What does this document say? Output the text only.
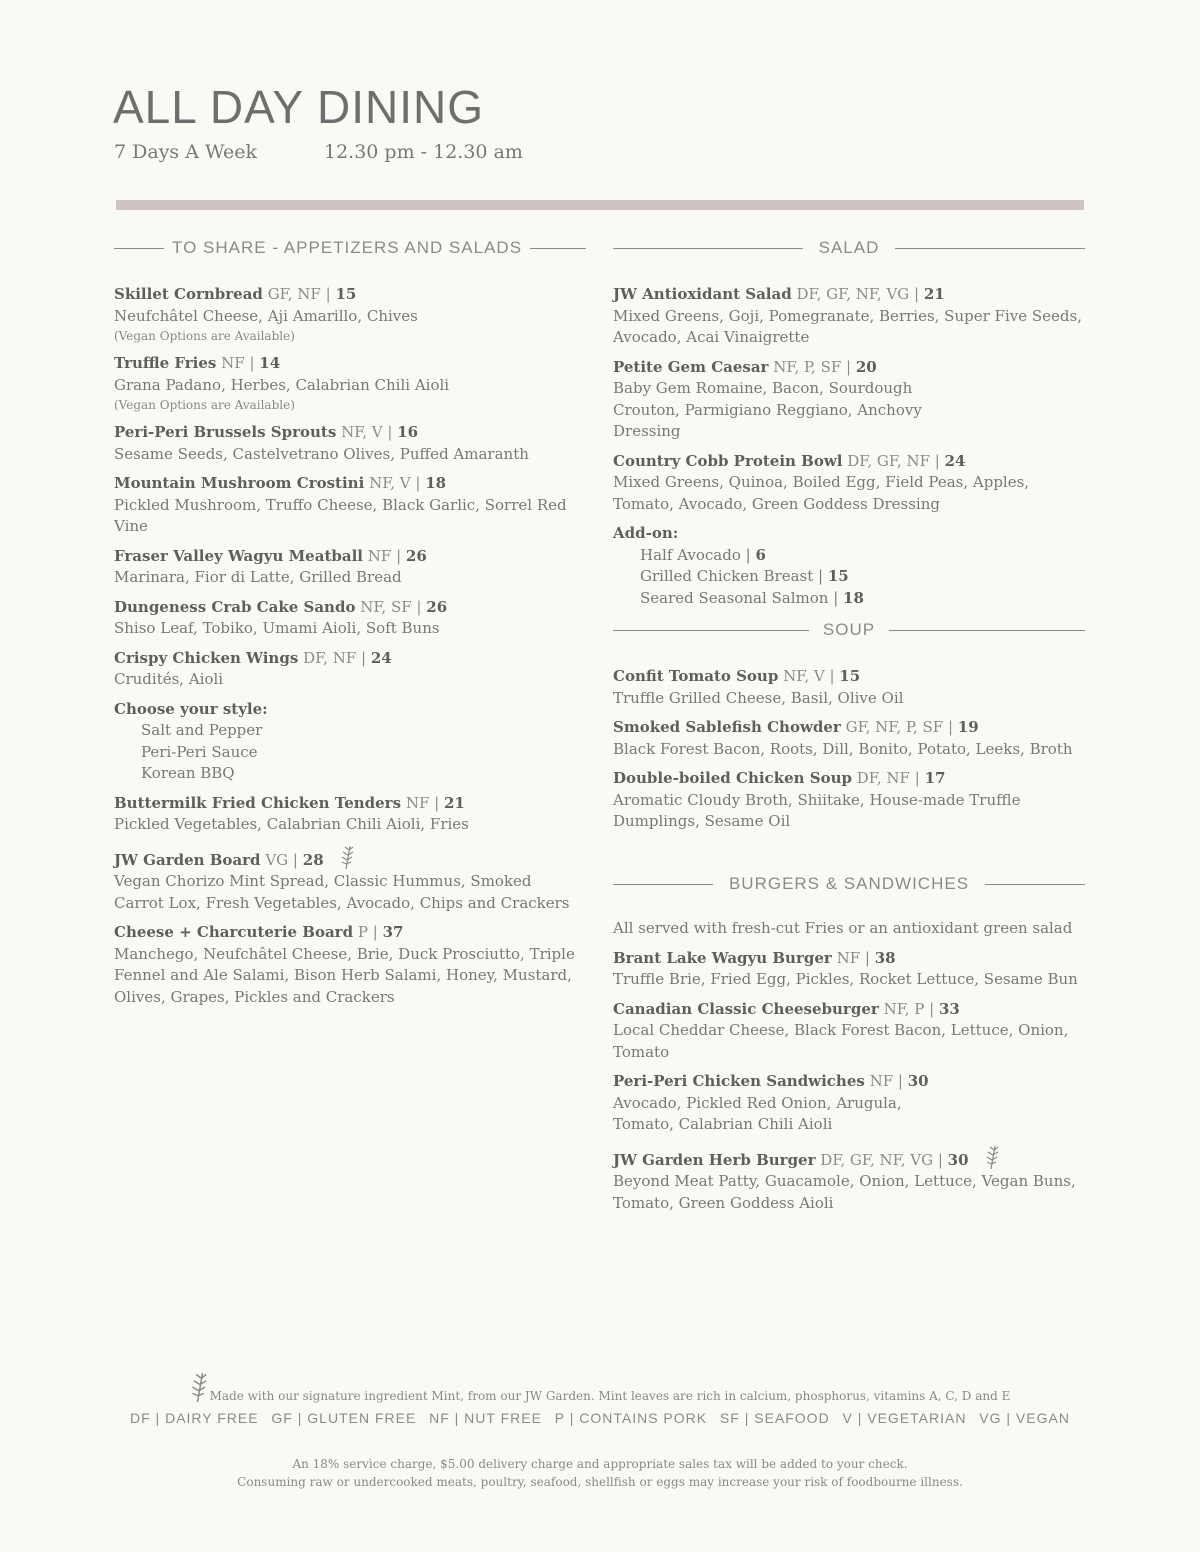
ALL DAY DINING
7 Days A Week	12.30 pm - 12.30 am
TO SHARE - APPETIZERS AND SALADS
Skillet Cornbread GF, NF | 15
Neufchâtel Cheese, Aji Amarillo, Chives
(Vegan Options are Available)
Truffle Fries NF | 14
Grana Padano, Herbes, Calabrian Chili Aioli
(Vegan Options are Available)
Peri-Peri Brussels Sprouts NF, V | 16
Sesame Seeds, Castelvetrano Olives, Puffed Amaranth
Mountain Mushroom Crostini NF, V | 18
Pickled Mushroom, Truffo Cheese, Black Garlic, Sorrel Red Vine
Fraser Valley Wagyu Meatball NF | 26
Marinara, Fior di Latte, Grilled Bread
Dungeness Crab Cake Sando NF, SF | 26
Shiso Leaf, Tobiko, Umami Aioli, Soft Buns
Crispy Chicken Wings DF, NF | 24
Crudités, Aioli
Choose your style:
Salt and Pepper
Peri-Peri Sauce
Korean BBQ
Buttermilk Fried Chicken Tenders NF | 21
Pickled Vegetables, Calabrian Chili Aioli, Fries
JW Garden Board VG | 28
Vegan Chorizo Mint Spread, Classic Hummus, Smoked Carrot Lox, Fresh Vegetables, Avocado, Chips and Crackers
Cheese + Charcuterie Board P | 37
Manchego, Neufchâtel Cheese, Brie, Duck Prosciutto, Triple Fennel and Ale Salami, Bison Herb Salami, Honey, Mustard, Olives, Grapes, Pickles and Crackers
SALAD
JW Antioxidant Salad DF, GF, NF, VG | 21
Mixed Greens, Goji, Pomegranate, Berries, Super Five Seeds, Avocado, Acai Vinaigrette
Petite Gem Caesar NF, P, SF | 20
Baby Gem Romaine, Bacon, Sourdough Crouton, Parmigiano Reggiano, Anchovy Dressing
Country Cobb Protein Bowl DF, GF, NF | 24
Mixed Greens, Quinoa, Boiled Egg, Field Peas, Apples, Tomato, Avocado, Green Goddess Dressing
Add-on:
Half Avocado | 6
Grilled Chicken Breast | 15
Seared Seasonal Salmon | 18
SOUP
Confit Tomato Soup NF, V | 15
Truffle Grilled Cheese, Basil, Olive Oil
Smoked Sablefish Chowder GF, NF, P, SF | 19
Black Forest Bacon, Roots, Dill, Bonito, Potato, Leeks, Broth
Double-boiled Chicken Soup DF, NF | 17
Aromatic Cloudy Broth, Shiitake, House-made Truffle Dumplings, Sesame Oil
BURGERS & SANDWICHES
All served with fresh-cut Fries or an antioxidant green salad
Brant Lake Wagyu Burger NF | 38
Truffle Brie, Fried Egg, Pickles, Rocket Lettuce, Sesame Bun
Canadian Classic Cheeseburger NF, P | 33
Local Cheddar Cheese, Black Forest Bacon, Lettuce, Onion, Tomato
Peri-Peri Chicken Sandwiches NF | 30
Avocado, Pickled Red Onion, Arugula, Tomato, Calabrian Chili Aioli
JW Garden Herb Burger DF, GF, NF, VG | 30
Beyond Meat Patty, Guacamole, Onion, Lettuce, Vegan Buns, Tomato, Green Goddess Aioli
Made with our signature ingredient Mint, from our JW Garden. Mint leaves are rich in calcium, phosphorus, vitamins A, C, D and E
DF | DAIRY FREE GF | GLUTEN FREE NF | NUT FREE P | CONTAINS PORK SF | SEAFOOD V | VEGETARIAN VG | VEGAN
An 18% service charge, $5.00 delivery charge and appropriate sales tax will be added to your check.
Consuming raw or undercooked meats, poultry, seafood, shellfish or eggs may increase your risk of foodbourne illness.
